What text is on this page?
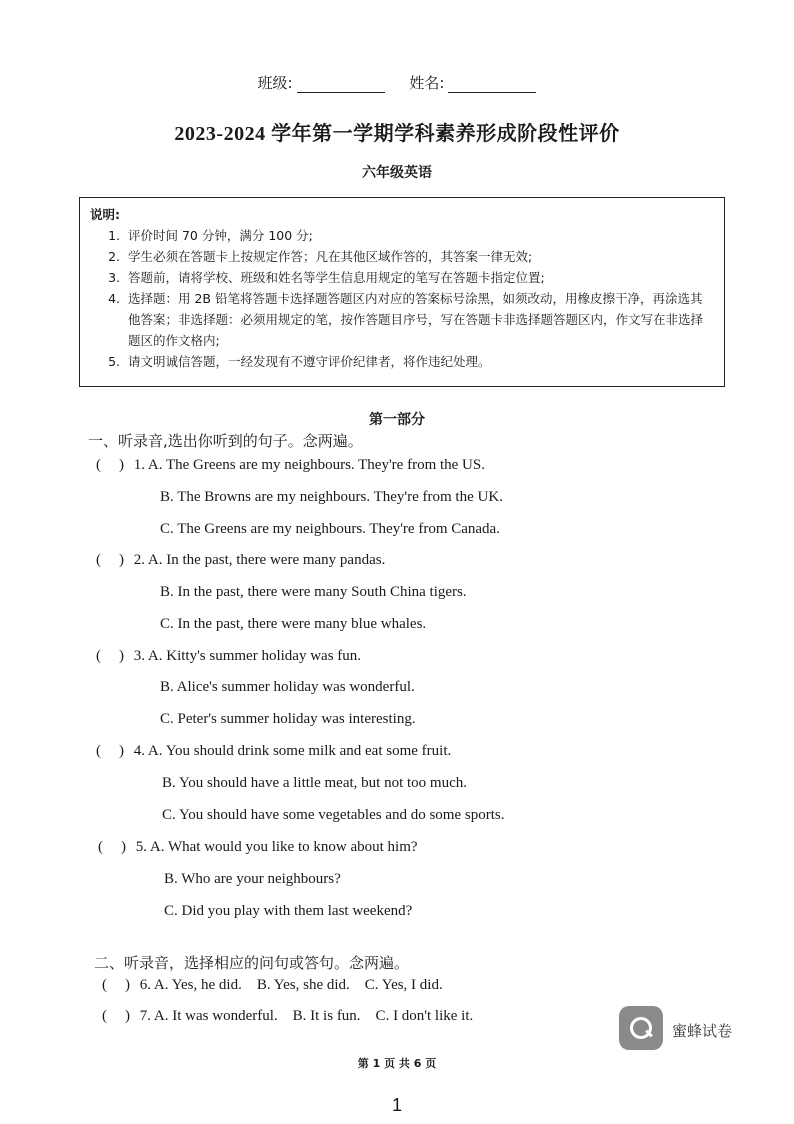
班级:	姓名:
2023-2024 学年第一学期学科素养形成阶段性评价
六年级英语
说明:
1. 评价时间 70 分钟，满分 100 分;
2. 学生必须在答题卡上按规定作答；凡在其他区域作答的，其答案一律无效;
3. 答题前，请将学校、班级和姓名等学生信息用规定的笔写在答题卡指定位置;
4. 选择题：用 2B 铅笔将答题卡选择题答题区内对应的答案标号涂黑，如须改动，用橡皮擦干净，再涂选其他答案；非选择题：必须用规定的笔，按作答题目序号，写在答题卡非选择题答题区内，作文写在非选择题区的作文格内;
5. 请文明诚信答题，一经发现有不遵守评价纪律者，将作违纪处理。
第一部分
一、听录音,选出你听到的句子。念两遍。
( ) 1. A. The Greens are my neighbours. They're from the US.
B. The Browns are my neighbours. They're from the UK.
C. The Greens are my neighbours. They're from Canada.
( ) 2. A. In the past, there were many pandas.
B. In the past, there were many South China tigers.
C. In the past, there were many blue whales.
( ) 3. A. Kitty's summer holiday was fun.
B. Alice's summer holiday was wonderful.
C. Peter's summer holiday was interesting.
( ) 4. A. You should drink some milk and eat some fruit.
B. You should have a little meat, but not too much.
C. You should have some vegetables and do some sports.
( ) 5. A. What would you like to know about him?
B. Who are your neighbours?
C. Did you play with them last weekend?
二、听录音，选择相应的问句或答句。念两遍。
( ) 6. A. Yes, he did.    B. Yes, she did.    C. Yes, I did.
( ) 7. A. It was wonderful.    B. It is fun.    C. I don't like it.
蜜蜂试卷
第 1 页 共 6 页
1
